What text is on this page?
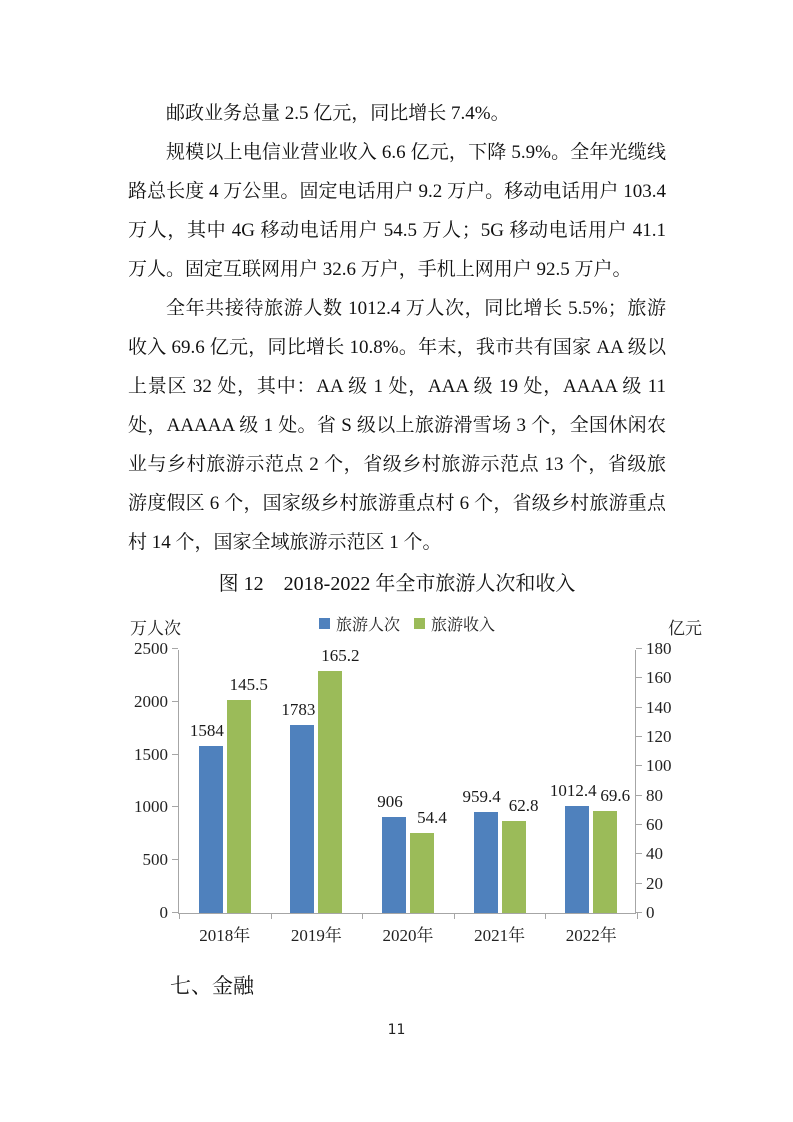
邮政业务总量 2.5 亿元，同比增长 7.4%。

规模以上电信业营业收入 6.6 亿元，下降 5.9%。全年光缆线路总长度 4 万公里。固定电话用户 9.2 万户。移动电话用户 103.4 万人，其中 4G 移动电话用户 54.5 万人；5G 移动电话用户 41.1 万人。固定互联网用户 32.6 万户，手机上网用户 92.5 万户。

全年共接待旅游人数 1012.4 万人次，同比增长 5.5%；旅游收入 69.6 亿元，同比增长 10.8%。年末，我市共有国家 AA 级以上景区 32 处，其中：AA 级 1 处，AAA 级 19 处，AAAA 级 11 处，AAAAA 级 1 处。省 S 级以上旅游滑雪场 3 个，全国休闲农业与乡村旅游示范点 2 个，省级乡村旅游示范点 13 个，省级旅游度假区 6 个，国家级乡村旅游重点村 6 个，省级乡村旅游重点村 14 个，国家全域旅游示范区 1 个。

图 12　2018-2022 年全市旅游人次和收入
万人次	旅游人次 旅游收入	亿元
0
500
1000
1500
2000
2500
0
20
40
60
80
100
120
140
160
180
2018年
1584
145.5
2019年
1783
165.2
2020年
906
54.4
2021年
959.4 62.8
2022年
1012.4 69.6
七、金融
11
